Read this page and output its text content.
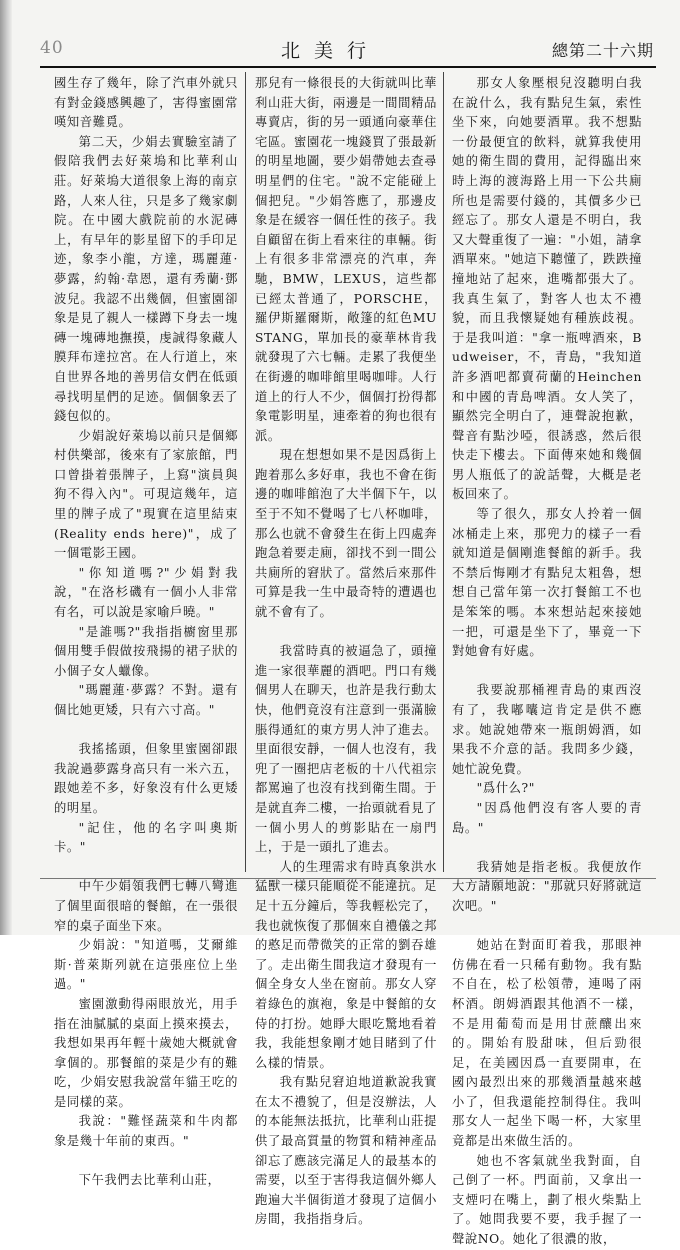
40	北美行	總第二十六期

國生存了幾年，除了汽車外就只有對金錢感興趣了，害得蜜園常嘆知音難覓。

第二天，少娟去實驗室請了假陪我們去好萊塢和比華利山莊。好萊塢大道很象上海的南京路，人來人往，只是多了幾家劇院。在中國大戲院前的水泥磚上，有早年的影星留下的手印足迹，象李小龍，方達，瑪麗蓮·夢露，約翰·韋恩，還有秀蘭·鄧波兒。我認不出幾個，但蜜園卻象是見了親人一樣蹲下身去一塊磚一塊磚地撫摸，虔誠得象藏人膜拜布達拉宮。在人行道上，來自世界各地的善男信女們在低頭尋找明星們的足迹。個個象丟了錢包似的。

少娟說好萊塢以前只是個鄉村供樂部，後來有了家旅館，門口曾掛着張牌子，上寫"演員與狗不得入內"。可現這幾年，這里的牌子成了"現實在這里結束(Reality ends here)"，成了一個電影王國。

"你知道嗎?"少娟對我說，"在洛杉磯有一個小人非常有名，可以說是家喻戶曉。"

"是誰嗎?"我指指櫥窗里那個用雙手假做按飛揚的裙子狀的小個子女人蠟像。

"瑪麗蓮·夢露？不對。還有個比她更矮，只有六寸高。"

我搖搖頭，但象里蜜園卻跟我說過夢露身高只有一米六五，跟她差不多，好象沒有什么更矮的明星。

"記住，他的名字叫奧斯卡。"

中午少娟領我們七轉八彎進了個里面很暗的餐館，在一張很窄的桌子面坐下來。

少娟說："知道嗎，艾爾維斯·普萊斯列就在這張座位上坐過。"

蜜園激動得兩眼放光，用手指在油膩膩的桌面上摸來摸去，我想如果再年輕十歲她大概就會拿個的。那餐館的菜是少有的難吃，少娟安慰我說當年貓王吃的是同樣的菜。

我說："難怪蔬菜和牛肉都象是幾十年前的東西。"

下午我們去比華利山莊，

那兒有一條很長的大街就叫比華利山莊大街，兩邊是一間間精品專賣店，街的另一頭通向豪華住宅區。蜜園花一塊錢買了張最新的明星地圖，要少娟帶她去查尋明星們的住宅。"說不定能碰上個把兒。"少娟答應了，那邊皮象是在緩容一個任性的孩子。我自顧留在街上看來往的車輛。街上有很多非常漂亮的汽車，奔馳，BMW，LEXUS，這些都已經太普通了，PORSCHE，羅伊斯羅爾斯，敞篷的紅色MUSTANG，單加長的豪華林肯我就發現了六七輛。走累了我便坐在街邊的咖啡館里喝咖啡。人行道上的行人不少，個個打扮得都象電影明星，連牽着的狗也很有派。

現在想想如果不是因爲街上跑着那么多好車，我也不會在街邊的咖啡館泡了大半個下午，以至于不知不覺喝了七八杯咖啡，那么也就不會發生在街上四處奔跑急着要走廁，卻找不到一間公共廁所的窘狀了。當然后來那件可算是我一生中最奇特的遭遇也就不會有了。

我當時真的被逼急了，頭撞進一家很華麗的酒吧。門口有幾個男人在聊天，也許是我行動太快，他們竟沒有注意到一張滿臉脹得通紅的東方男人沖了進去。里面很安靜，一個人也沒有，我兜了一圈把店老板的十八代祖宗都罵遍了也沒有找到衛生間。于是就直奔二樓，一抬頭就看見了一個小男人的剪影貼在一扇門上，于是一頭扎了進去。

人的生理需求有時真象洪水猛獸一樣只能順從不能違抗。足足十五分鐘后，等我輕松完了，我也就恢復了那個來自禮儀之邦的憨足而帶微笑的正常的劉吞雄了。走出衛生間我這才發現有一個全身女人坐在窗前。那女人穿着綠色的旗袍，象是中餐館的女侍的打扮。她睜大眼吃驚地看着我，我能想象剛才她目睹到了什么樣的情景。

我有點兒窘迫地道歉說我實在太不禮貌了，但是沒辦法，人的本能無法抵抗，比華利山莊提供了最高質量的物質和精神產品卻忘了應該完滿足人的最基本的需要，以至于害得我這個外鄉人跑遍大半個街道才發現了這個小房間，我指指身后。

那女人象壓根兒沒聽明白我在說什么，我有點兒生氣，索性坐下來，向她要酒單。我不想點一份最便宜的飲料，就算我使用她的衛生間的費用，記得臨出來時上海的渡海路上用一下公共廁所也是需要付錢的，其價多少已經忘了。那女人還是不明白，我又大聲重復了一遍："小姐，請拿酒單來。"她這下聽懂了，跌跌撞撞地站了起來，進嘴都張大了。我真生氣了，對客人也太不禮貌，而且我懷疑她有種族歧視。于是我叫道："拿一瓶啤酒來，Budweiser，不，青島，"我知道許多酒吧都賣荷蘭的Heinchen和中國的青島啤酒。女人笑了，顯然完全明白了，連聲說抱歉，聲音有點沙啞，很誘惑，然后很快走下樓去。下面傳來她和幾個男人瓶低了的說話聲，大概是老板回來了。

等了很久，那女人拎着一個冰桶走上來，那兜力的樣子一看就知道是個剛進餐館的新手。我不禁后悔剛才有點兒太粗魯，想想自己當年第一次打餐館工不也是笨笨的嗎。本來想站起來接她一把，可還是坐下了，畢竟一下對她會有好處。

我要說那桶裡青島的東西沒有了，我嘟囔這肯定是供不應求。她說她帶來一瓶朗姆酒，如果我不介意的話。我問多少錢，她忙說免費。

"爲什么?"

"因爲他們沒有客人要的青島。"

我猜她是指老板。我便放作大方請願地說："那就只好將就這次吧。"

她站在對面盯着我，那眼神仿佛在看一只稀有動物。我有點不自在，松了松領帶，連喝了兩杯酒。朗姆酒跟其他酒不一樣，不是用葡萄而是用甘蔗釀出來的。開始有股甜味，但后勁很足，在美國因爲一直要開車，在國內最烈出來的那幾酒量越來越小了，但我還能控制得住。我叫那女人一起坐下喝一杯，大家里竟都是出來做生活的。

她也不客氣就坐我對面，自己倒了一杯。門面前，又拿出一支煙叼在嘴上，劃了根火柴點上了。她問我要不要，我手握了一聲說NO。她化了很濃的妝，
